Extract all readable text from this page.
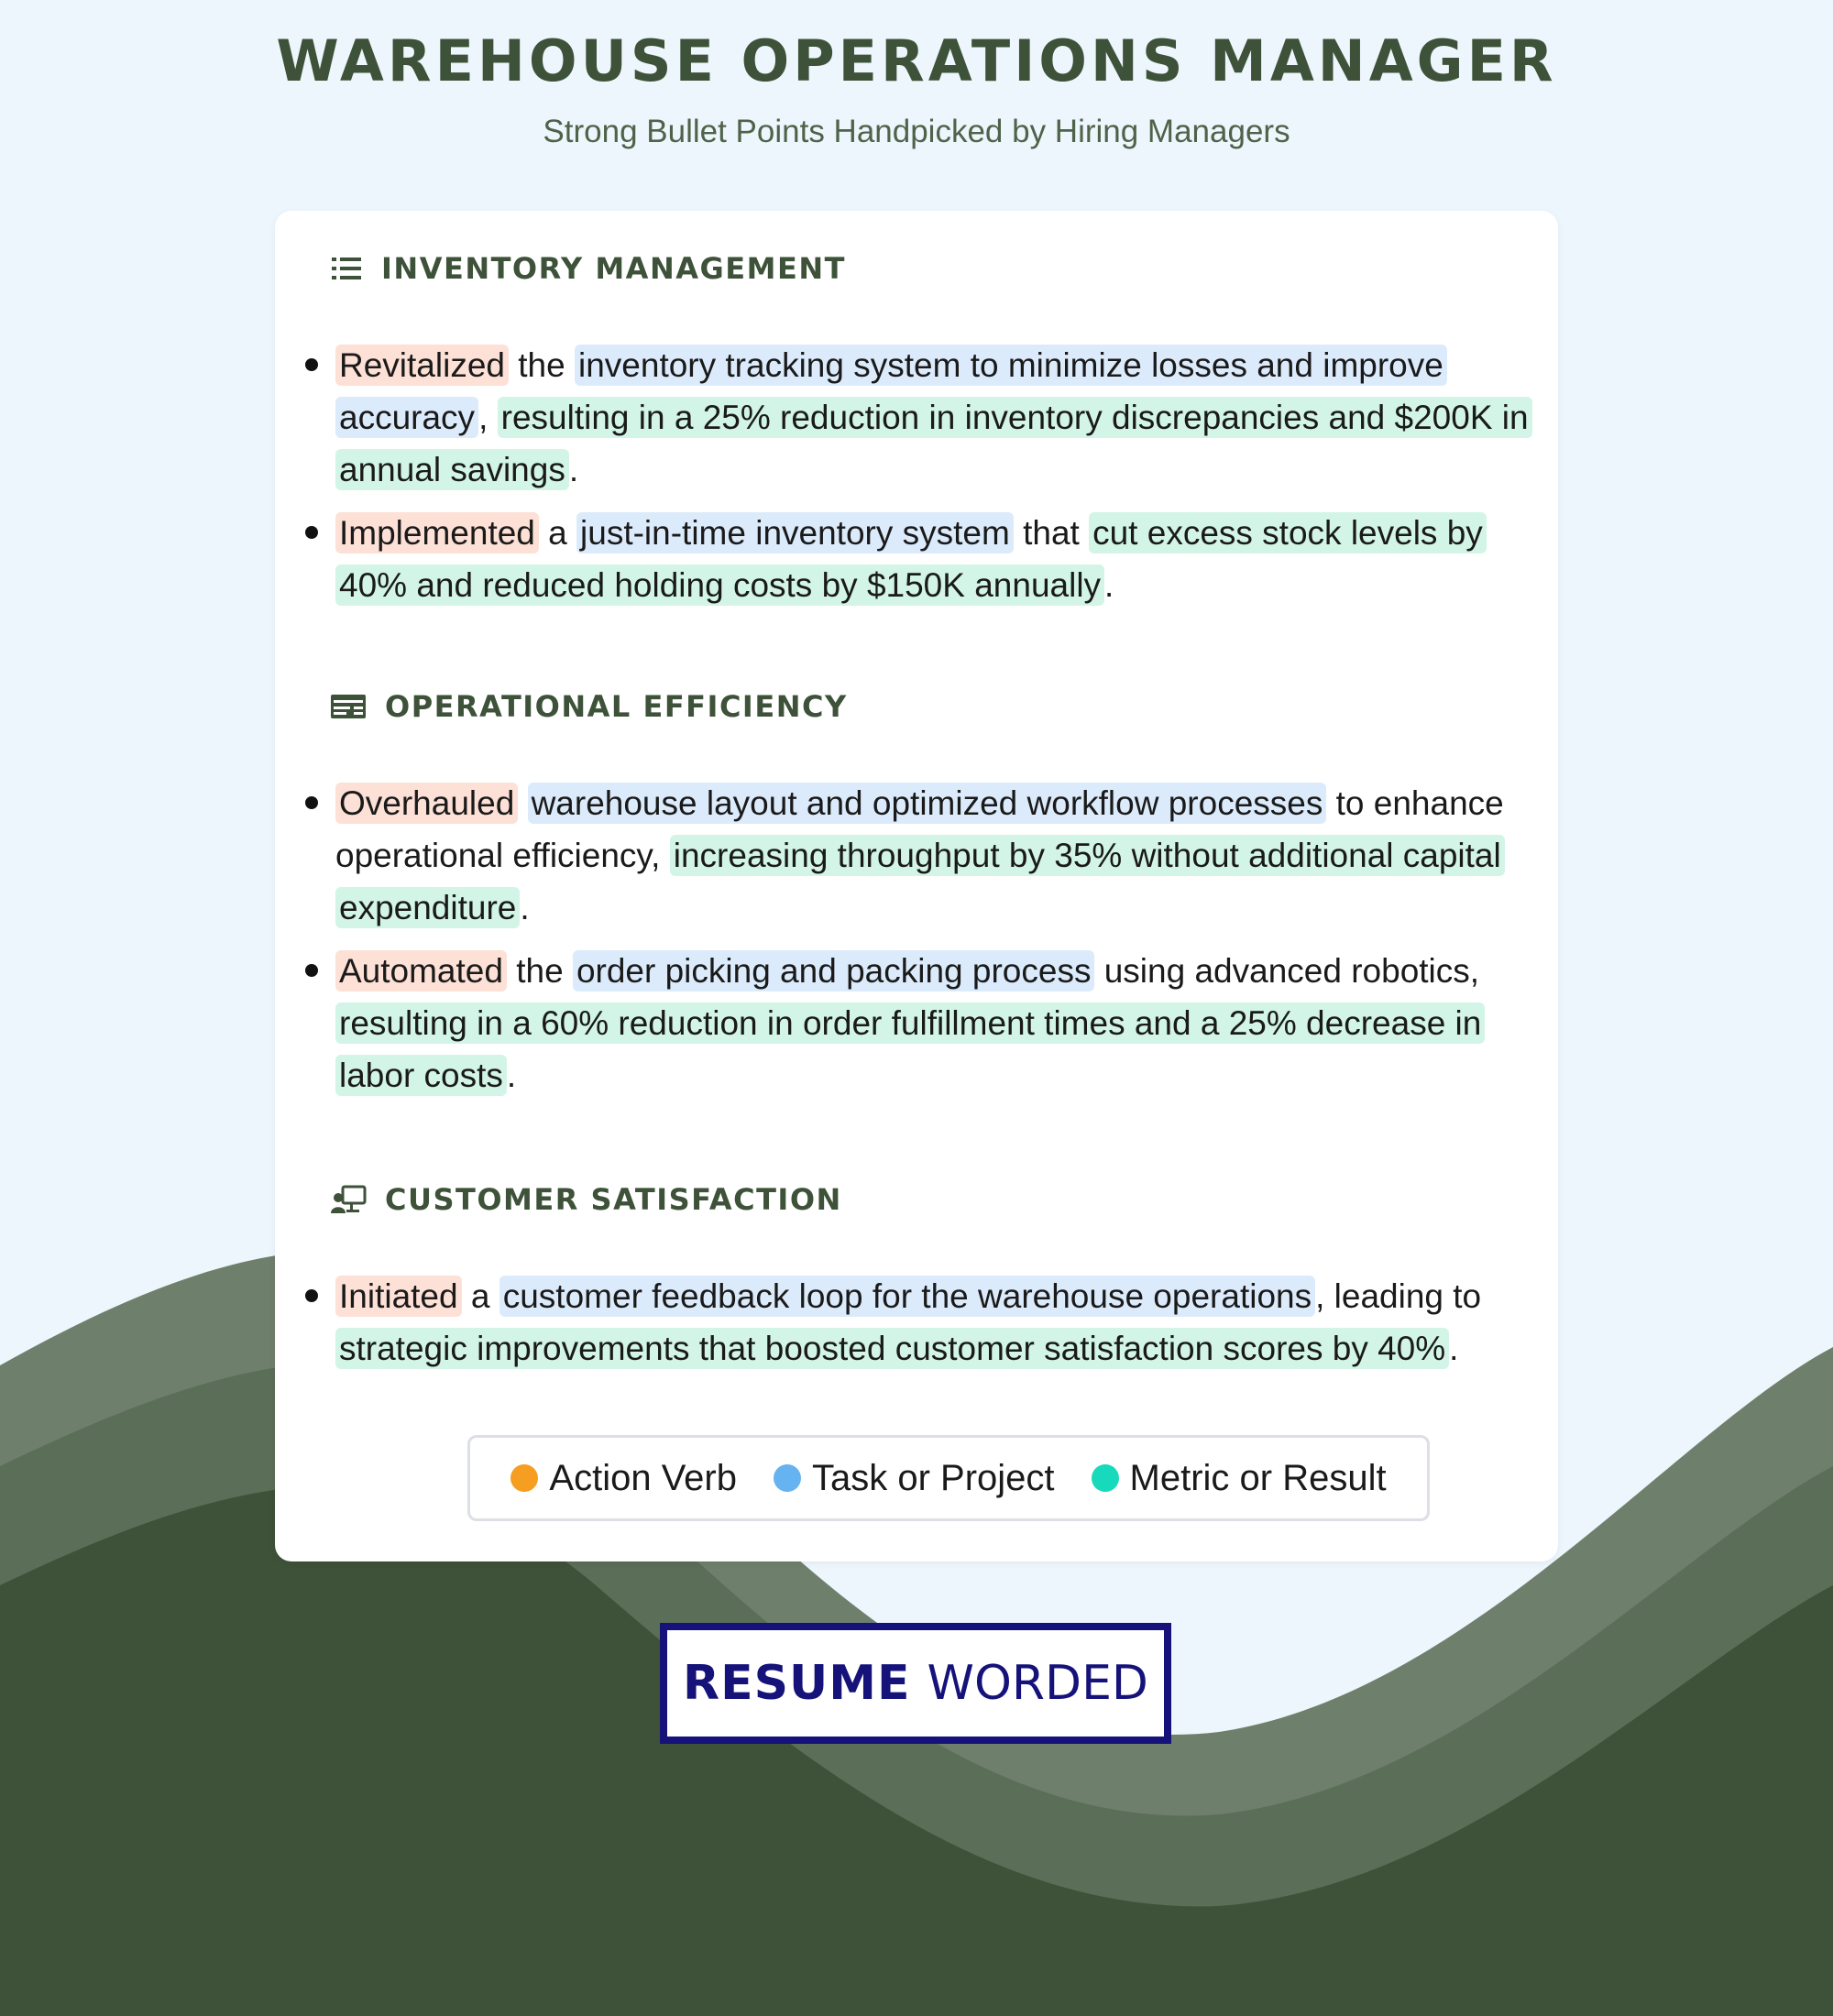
WAREHOUSE OPERATIONS MANAGER

Strong Bullet Points Handpicked by Hiring Managers

INVENTORY MANAGEMENT
Revitalized the inventory tracking system to minimize losses and improve accuracy , resulting in a 25% reduction in inventory discrepancies and $200K in annual savings .
Implemented a just-in-time inventory system that cut excess stock levels by 40% and reduced holding costs by $150K annually .
OPERATIONAL EFFICIENCY
Overhauled warehouse layout and optimized workflow processes to enhance operational efficiency, increasing throughput by 35% without additional capital expenditure .
Automated the order picking and packing process using advanced robotics, resulting in a 60% reduction in order fulfillment times and a 25% decrease in labor costs .
CUSTOMER SATISFACTION
Initiated a customer feedback loop for the warehouse operations , leading to strategic improvements that boosted customer satisfaction scores by 40% .
Action Verb Task or Project Metric or Result
RESUME WORDED
